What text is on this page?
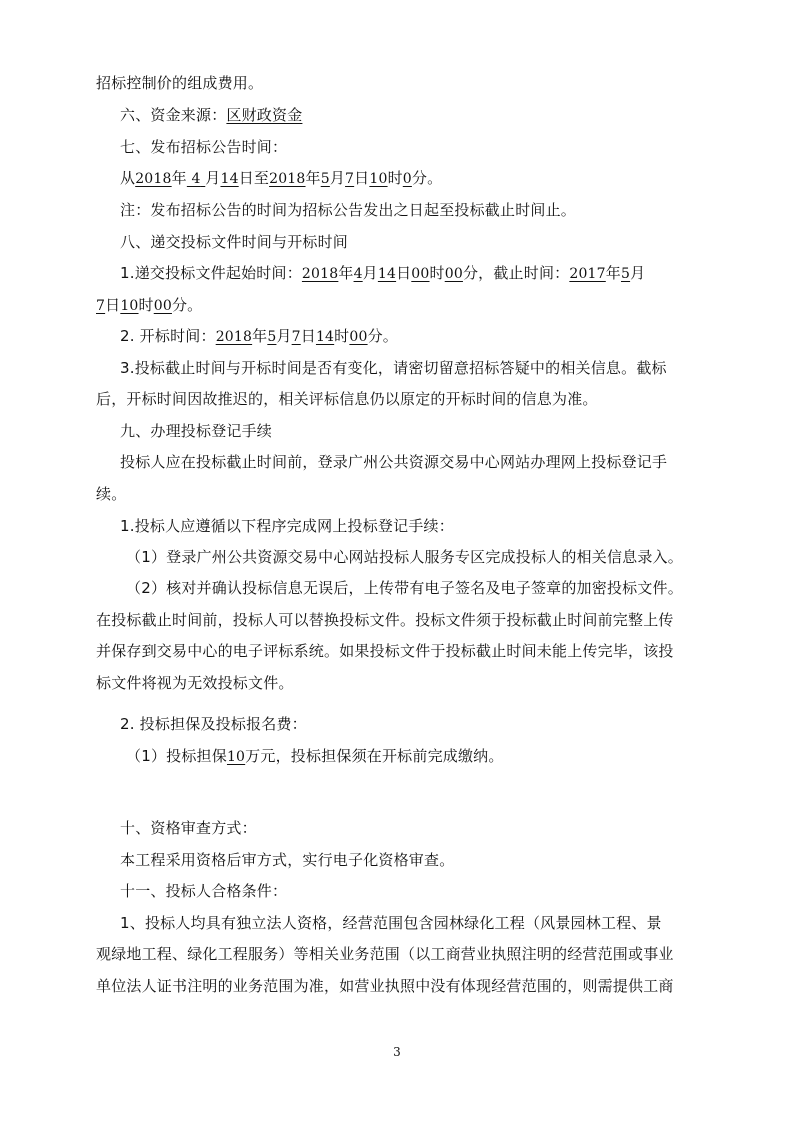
招标控制价的组成费用。
六、资金来源：区财政资金
七、发布招标公告时间：
从2018年 4 月14日至2018年5月7日10时0分。
注：发布招标公告的时间为招标公告发出之日起至投标截止时间止。
八、递交投标文件时间与开标时间
1.递交投标文件起始时间：2018年4月14日00时00分，截止时间：2017年5月
7日10时00分。
2. 开标时间：2018年5月7日14时00分。
3.投标截止时间与开标时间是否有变化，请密切留意招标答疑中的相关信息。截标
后，开标时间因故推迟的，相关评标信息仍以原定的开标时间的信息为准。
九、办理投标登记手续
投标人应在投标截止时间前，登录广州公共资源交易中心网站办理网上投标登记手
续。
1.投标人应遵循以下程序完成网上投标登记手续：
（1）登录广州公共资源交易中心网站投标人服务专区完成投标人的相关信息录入。
（2）核对并确认投标信息无误后，上传带有电子签名及电子签章的加密投标文件。
在投标截止时间前，投标人可以替换投标文件。投标文件须于投标截止时间前完整上传
并保存到交易中心的电子评标系统。如果投标文件于投标截止时间未能上传完毕，该投
标文件将视为无效投标文件。
2. 投标担保及投标报名费：
（1）投标担保10万元，投标担保须在开标前完成缴纳。
十、资格审查方式：
本工程采用资格后审方式，实行电子化资格审查。
十一、投标人合格条件：
1、投标人均具有独立法人资格，经营范围包含园林绿化工程（风景园林工程、景
观绿地工程、绿化工程服务）等相关业务范围（以工商营业执照注明的经营范围或事业
单位法人证书注明的业务范围为准，如营业执照中没有体现经营范围的，则需提供工商
3
